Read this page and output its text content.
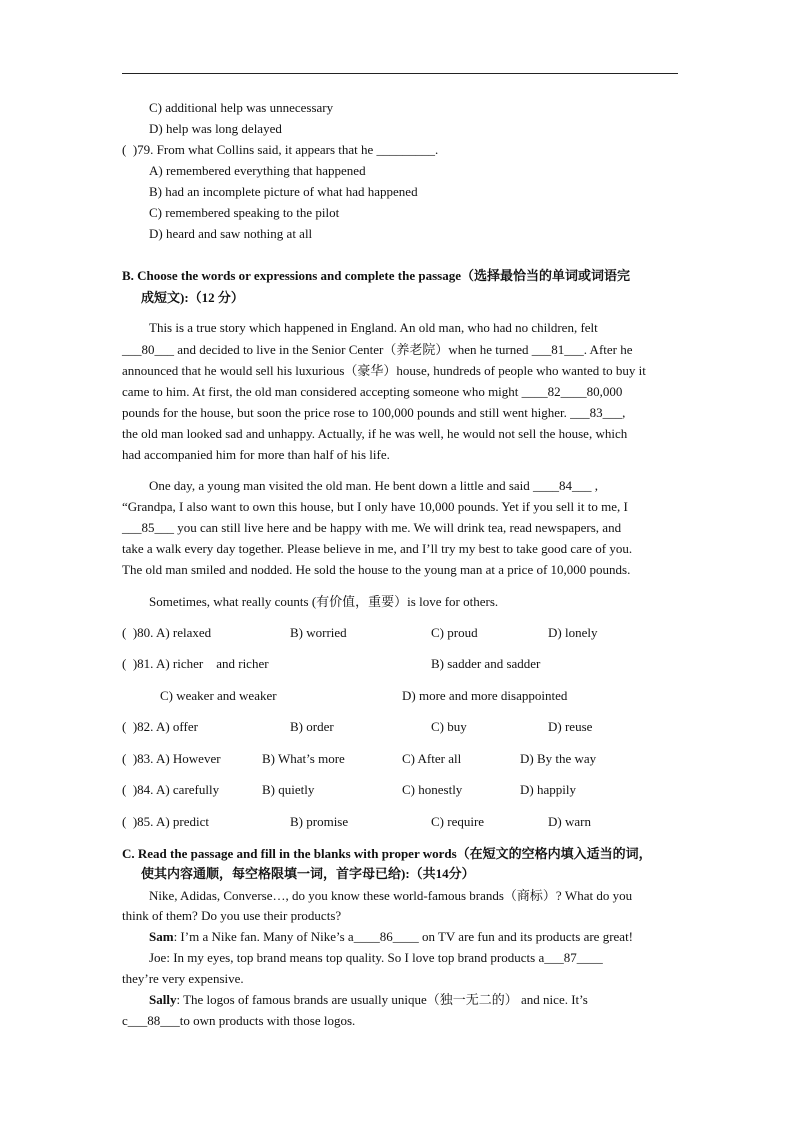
C) additional help was unnecessary
D) help was long delayed
(  )79. From what Collins said, it appears that he _________.
A) remembered everything that happened
B) had an incomplete picture of what had happened
C) remembered speaking to the pilot
D) heard and saw nothing at all
B. Choose the words or expressions and complete the passage（选择最恰当的单词或词语完
成短文):（12 分）
This is a true story which happened in England. An old man, who had no children, felt
___80___ and decided to live in the Senior Center（养老院）when he turned ___81___. After he
announced that he would sell his luxurious（豪华）house, hundreds of people who wanted to buy it
came to him. At first, the old man considered accepting someone who might ____82____80,000
pounds for the house, but soon the price rose to 100,000 pounds and still went higher. ___83___,
the old man looked sad and unhappy. Actually, if he was well, he would not sell the house, which
had accompanied him for more than half of his life.
One day, a young man visited the old man. He bent down a little and said ____84___ ,
“Grandpa, I also want to own this house, but I only have 10,000 pounds. Yet if you sell it to me, I
___85___ you can still live here and be happy with me. We will drink tea, read newspapers, and
take a walk every day together. Please believe in me, and I’ll try my best to take good care of you.
The old man smiled and nodded. He sold the house to the young man at a price of 10,000 pounds.
Sometimes, what really counts (有价值，重要）is love for others.
(  )80. A) relaxed	B) worried	C) proud	D) lonely
(  )81. A) richer    and richer	B) sadder and sadder
C) weaker and weaker	D) more and more disappointed
(  )82. A) offer	B) order	C) buy	D) reuse
(  )83. A) However	B) What’s more	C) After all	D) By the way
(  )84. A) carefully	B) quietly	C) honestly	D) happily
(  )85. A) predict	B) promise	C) require	D) warn
C. Read the passage and fill in the blanks with proper words（在短文的空格内填入适当的词，
使其内容通顺，每空格限填一词，首字母已给):（共14分）
Nike, Adidas, Converse…, do you know these world-famous brands（商标）? What do you
think of them? Do you use their products?
Sam: I’m a Nike fan. Many of Nike’s a____86____ on TV are fun and its products are great!
Joe: In my eyes, top brand means top quality. So I love top brand products a___87____
they’re very expensive.
Sally: The logos of famous brands are usually unique（独一无二的） and nice. It’s
c___88___to own products with those logos.
